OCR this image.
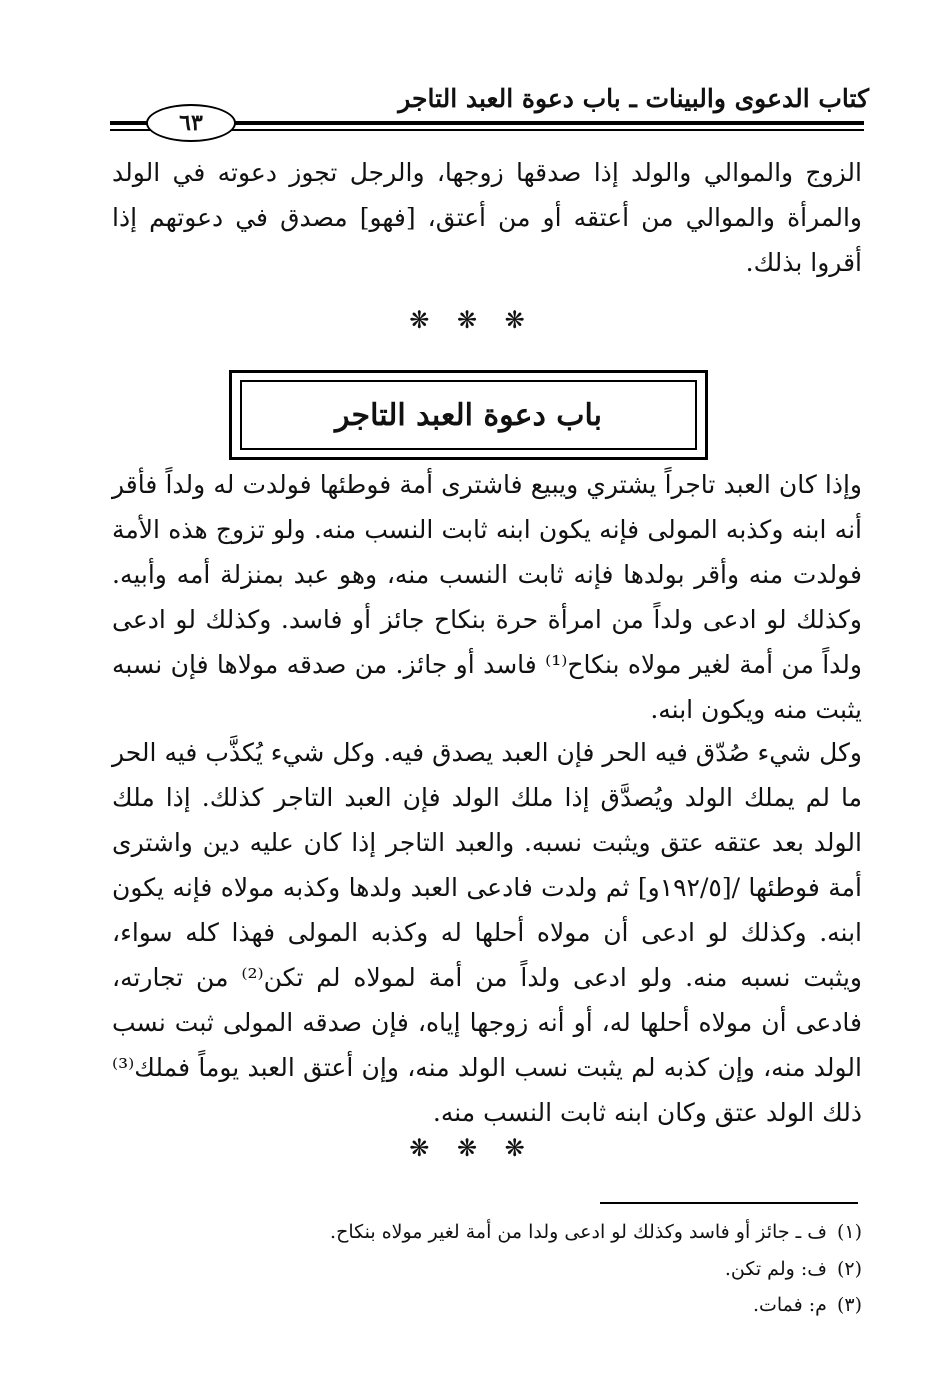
كتاب الدعوى والبينات ـ باب دعوة العبد التاجر
٦٣

الزوج والموالي والولد إذا صدقها زوجها، والرجل تجوز دعوته في الولد والمرأة والموالي من أعتقه أو من أعتق، [فهو] مصدق في دعوتهم إذا أقروا بذلك.

❋ ❋ ❋
باب دعوة العبد التاجر

وإذا كان العبد تاجراً يشتري ويبيع فاشترى أمة فوطئها فولدت له ولداً فأقر أنه ابنه وكذبه المولى فإنه يكون ابنه ثابت النسب منه. ولو تزوج هذه الأمة فولدت منه وأقر بولدها فإنه ثابت النسب منه، وهو عبد بمنزلة أمه وأبيه. وكذلك لو ادعى ولداً من امرأة حرة بنكاح جائز أو فاسد. وكذلك لو ادعى ولداً من أمة لغير مولاه بنكاح⁽¹⁾ فاسد أو جائز. من صدقه مولاها فإن نسبه يثبت منه ويكون ابنه.

وكل شيء صُدّق فيه الحر فإن العبد يصدق فيه. وكل شيء يُكذَّب فيه الحر ما لم يملك الولد ويُصدَّق إذا ملك الولد فإن العبد التاجر كذلك. إذا ملك الولد بعد عتقه عتق ويثبت نسبه. والعبد التاجر إذا كان عليه دين واشترى أمة فوطئها /[١٩٢/٥و] ثم ولدت فادعى العبد ولدها وكذبه مولاه فإنه يكون ابنه. وكذلك لو ادعى أن مولاه أحلها له وكذبه المولى فهذا كله سواء، ويثبت نسبه منه. ولو ادعى ولداً من أمة لمولاه لم تكن⁽²⁾ من تجارته، فادعى أن مولاه أحلها له، أو أنه زوجها إياه، فإن صدقه المولى ثبت نسب الولد منه، وإن كذبه لم يثبت نسب الولد منه، وإن أعتق العبد يوماً فملك⁽³⁾ ذلك الولد عتق وكان ابنه ثابت النسب منه.

❋ ❋ ❋
(١)ف ـ جائز أو فاسد وكذلك لو ادعى ولدا من أمة لغير مولاه بنكاح.
(٢)ف: ولم تكن.
(٣)م: فمات.
